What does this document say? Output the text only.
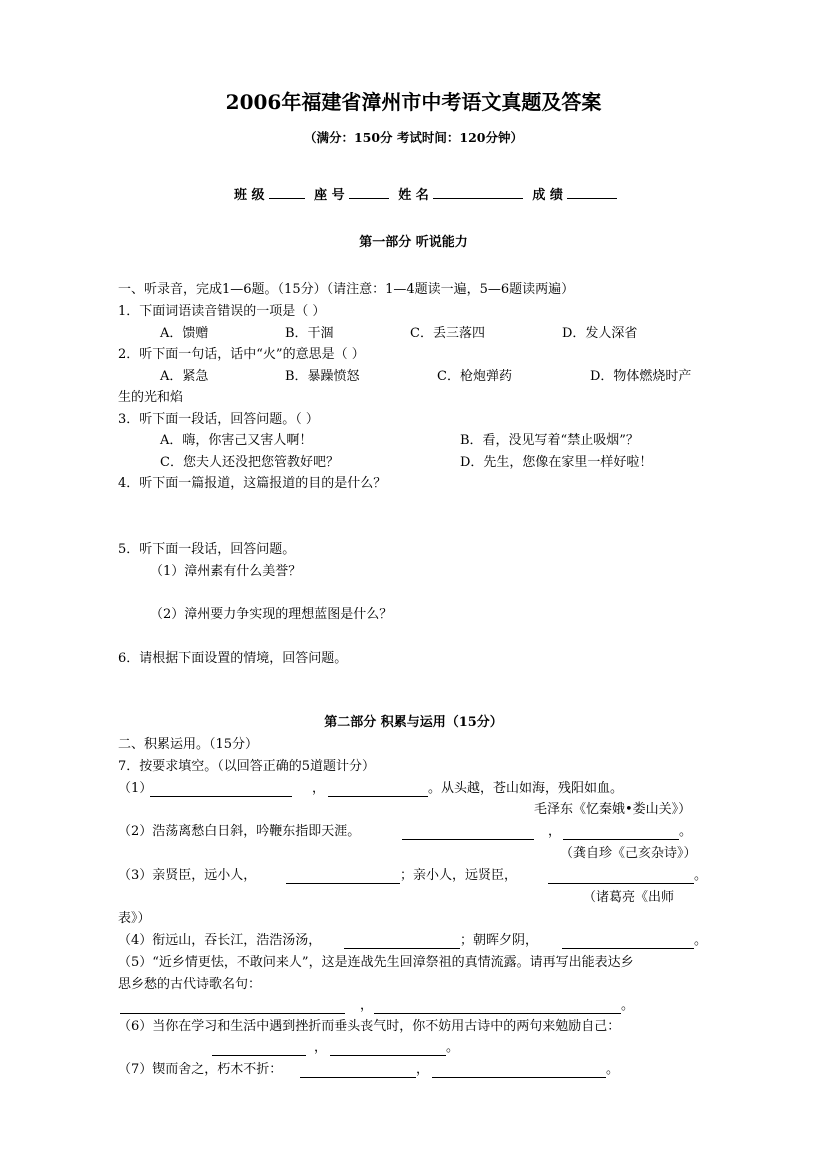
2006年福建省漳州市中考语文真题及答案
（满分：150分 考试时间：120分钟）
班 级	座 号	姓 名	成 绩
第一部分 听说能力
一、听录音，完成1—6题。（15分）（请注意：1—4题读一遍，5—6题读两遍）
1．下面词语读音错误的一项是（ ）
A．馈赠	B．干涸	C．丢三落四	D．发人深省
2．听下面一句话，话中“火”的意思是（ ）
A．紧急	B．暴躁愤怒	C．枪炮弹药	D．物体燃烧时产
生的光和焰
3．听下面一段话，回答问题。（ ）
A．嗨，你害己又害人啊！	B．看，没见写着“禁止吸烟”？
C．您夫人还没把您管教好吧？	D．先生，您像在家里一样好啦！
4．听下面一篇报道，这篇报道的目的是什么？
5．听下面一段话，回答问题。
（1）漳州素有什么美誉？
（2）漳州要力争实现的理想蓝图是什么？
6．请根据下面设置的情境，回答问题。
第二部分 积累与运用（15分）
二、积累运用。（15分）
7．按要求填空。（以回答正确的5道题计分）
（1）	，	。从头越，苍山如海，残阳如血。
毛泽东《忆秦娥•娄山关》）
（2）浩荡离愁白日斜，吟鞭东指即天涯。	，	。
（龚自珍《己亥杂诗》）
（3）亲贤臣，远小人，	；亲小人，远贤臣，	。
（诸葛亮《出师
表》）
（4）衔远山，吞长江，浩浩汤汤，	；朝晖夕阴，	。
（5）“近乡情更怯，不敢问来人”，这是连战先生回漳祭祖的真情流露。请再写出能表达乡
思乡愁的古代诗歌名句：
，	。
（6）当你在学习和生活中遇到挫折而垂头丧气时，你不妨用古诗中的两句来勉励自己：
，	。
（7）锲而舍之，朽木不折：	，	。
